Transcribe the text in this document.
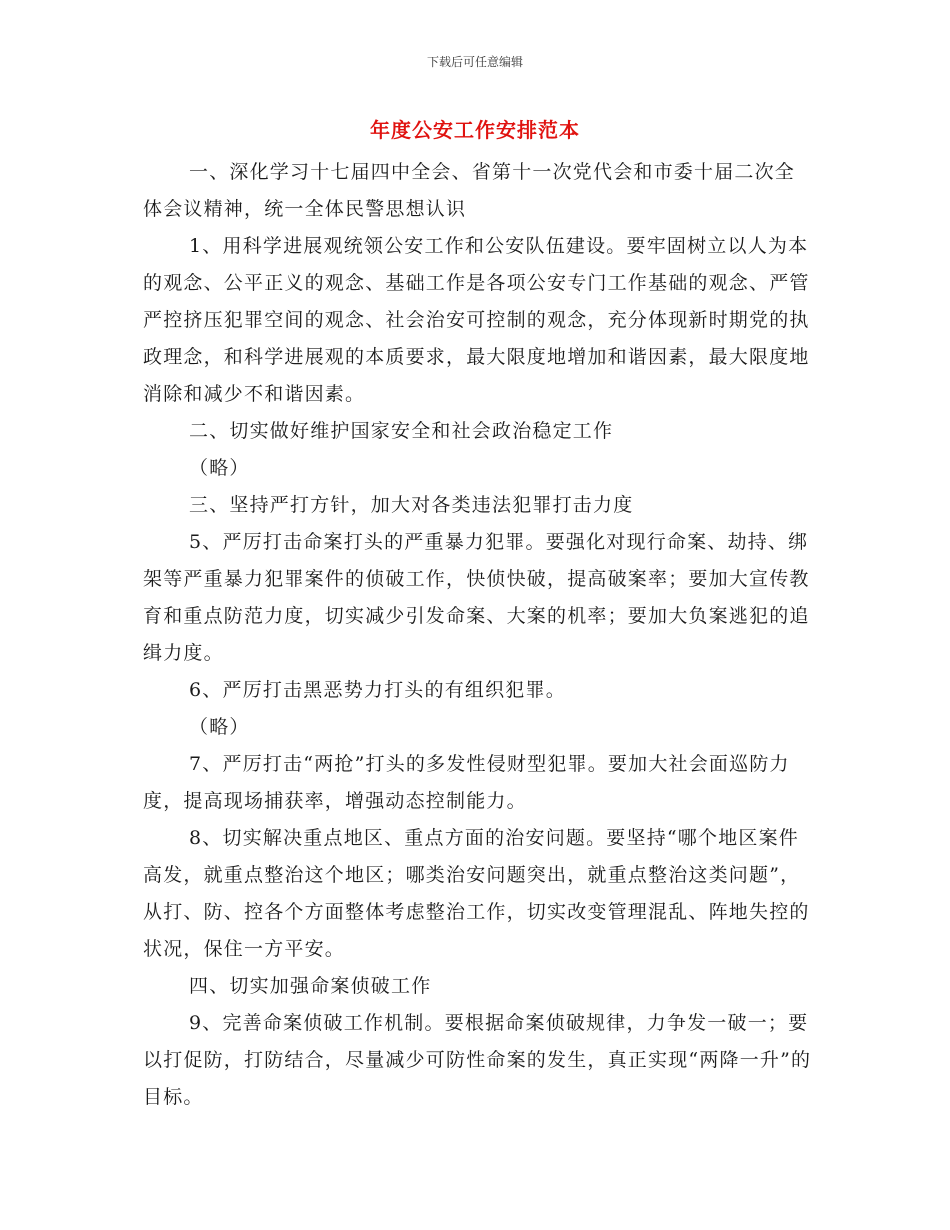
下载后可任意编辑
年度公安工作安排范本

一、深化学习十七届四中全会、省第十一次党代会和市委十届二次全体会议精神，统一全体民警思想认识

1、用科学进展观统领公安工作和公安队伍建设。要牢固树立以人为本的观念、公平正义的观念、基础工作是各项公安专门工作基础的观念、严管严控挤压犯罪空间的观念、社会治安可控制的观念，充分体现新时期党的执政理念，和科学进展观的本质要求，最大限度地增加和谐因素，最大限度地消除和减少不和谐因素。

二、切实做好维护国家安全和社会政治稳定工作

（略）

三、坚持严打方针，加大对各类违法犯罪打击力度

5、严厉打击命案打头的严重暴力犯罪。要强化对现行命案、劫持、绑架等严重暴力犯罪案件的侦破工作，快侦快破，提高破案率；要加大宣传教育和重点防范力度，切实减少引发命案、大案的机率；要加大负案逃犯的追缉力度。

6、严厉打击黑恶势力打头的有组织犯罪。

（略）

7、严厉打击“两抢”打头的多发性侵财型犯罪。要加大社会面巡防力度，提高现场捕获率，增强动态控制能力。

8、切实解决重点地区、重点方面的治安问题。要坚持“哪个地区案件高发，就重点整治这个地区；哪类治安问题突出，就重点整治这类问题”，从打、防、控各个方面整体考虑整治工作，切实改变管理混乱、阵地失控的状况，保住一方平安。

四、切实加强命案侦破工作

9、完善命案侦破工作机制。要根据命案侦破规律，力争发一破一；要以打促防，打防结合，尽量减少可防性命案的发生，真正实现“两降一升”的目标。
